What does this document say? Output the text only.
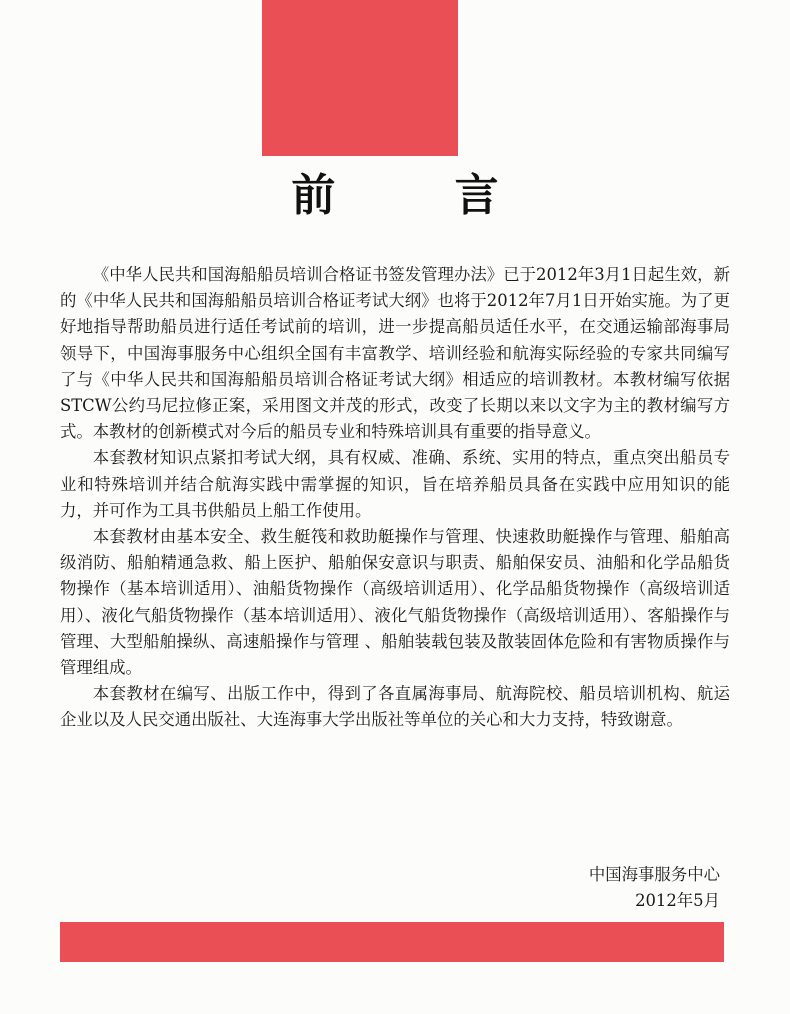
前 言

《中华人民共和国海船船员培训合格证书签发管理办法》已于2012年3月1日起生效，新的《中华人民共和国海船船员培训合格证考试大纲》也将于2012年7月1日开始实施。为了更好地指导帮助船员进行适任考试前的培训，进一步提高船员适任水平，在交通运输部海事局领导下，中国海事服务中心组织全国有丰富教学、培训经验和航海实际经验的专家共同编写了与《中华人民共和国海船船员培训合格证考试大纲》相适应的培训教材。本教材编写依据STCW公约马尼拉修正案，采用图文并茂的形式，改变了长期以来以文字为主的教材编写方式。本教材的创新模式对今后的船员专业和特殊培训具有重要的指导意义。

本套教材知识点紧扣考试大纲，具有权威、准确、系统、实用的特点，重点突出船员专业和特殊培训并结合航海实践中需掌握的知识，旨在培养船员具备在实践中应用知识的能力，并可作为工具书供船员上船工作使用。

本套教材由基本安全、救生艇筏和救助艇操作与管理、快速救助艇操作与管理、船舶高级消防、船舶精通急救、船上医护、船舶保安意识与职责、船舶保安员、油船和化学品船货物操作（基本培训适用）、油船货物操作（高级培训适用）、化学品船货物操作（高级培训适用）、液化气船货物操作（基本培训适用）、液化气船货物操作（高级培训适用）、客船操作与管理、大型船舶操纵、高速船操作与管理 、船舶装载包装及散装固体危险和有害物质操作与管理组成。

本套教材在编写、出版工作中，得到了各直属海事局、航海院校、船员培训机构、航运企业以及人民交通出版社、大连海事大学出版社等单位的关心和大力支持，特致谢意。

中国海事服务中心
2012年5月
